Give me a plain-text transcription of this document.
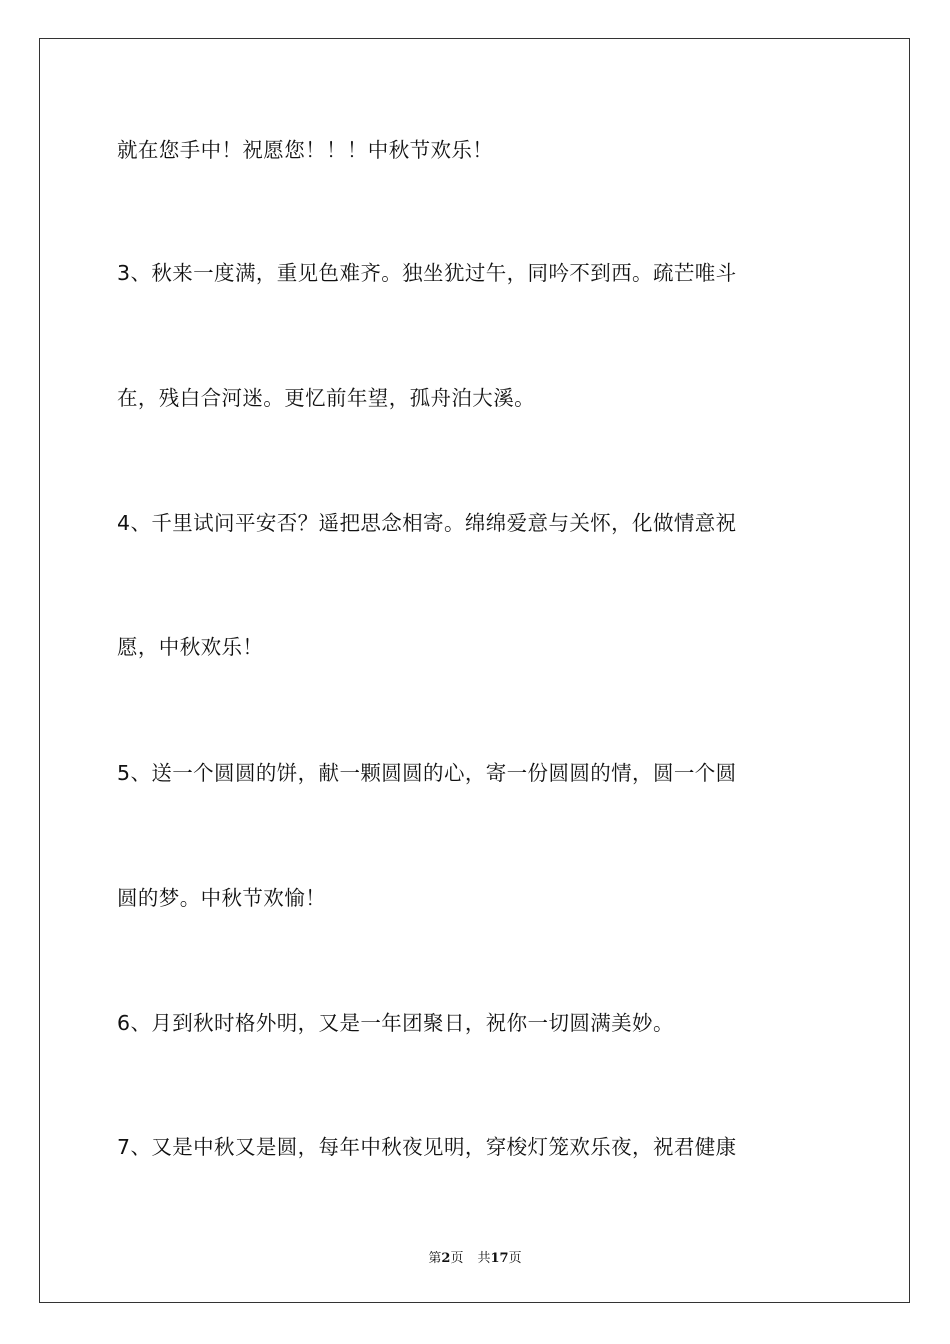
就在您手中！祝愿您！！！中秋节欢乐！
3、秋来一度满，重见色难齐。独坐犹过午，同吟不到西。疏芒唯斗
在，残白合河迷。更忆前年望，孤舟泊大溪。
4、千里试问平安否？遥把思念相寄。绵绵爱意与关怀，化做情意祝
愿，中秋欢乐！
5、送一个圆圆的饼，献一颗圆圆的心，寄一份圆圆的情，圆一个圆
圆的梦。中秋节欢愉！
6、月到秋时格外明，又是一年团聚日，祝你一切圆满美妙。
7、又是中秋又是圆，每年中秋夜见明，穿梭灯笼欢乐夜，祝君健康
第2页 共17页
